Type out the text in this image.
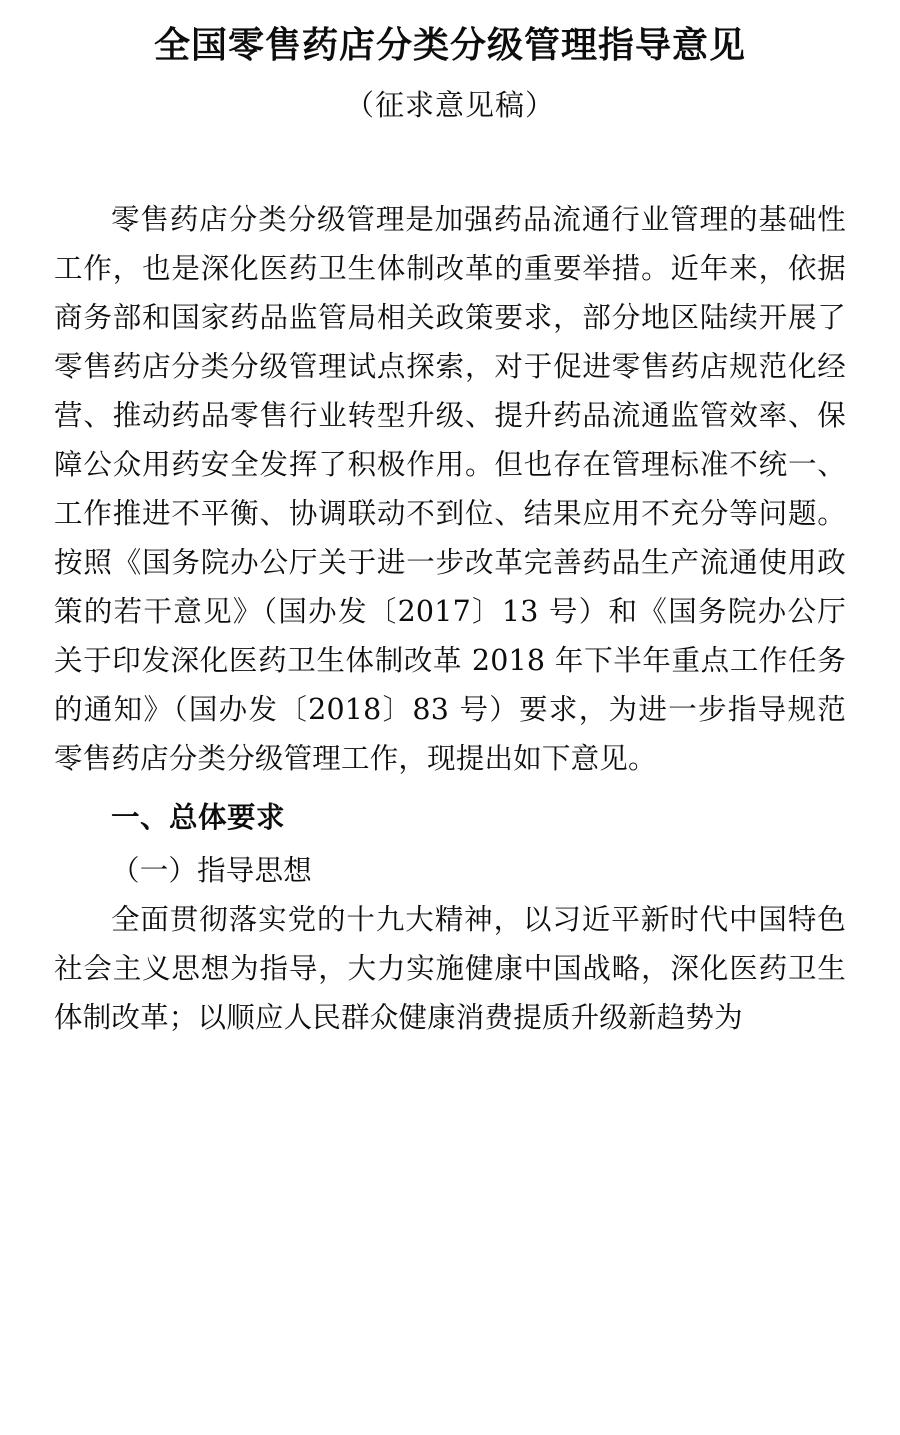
全国零售药店分类分级管理指导意见
（征求意见稿）

零售药店分类分级管理是加强药品流通行业管理的基础性工作，也是深化医药卫生体制改革的重要举措。近年来，依据商务部和国家药品监管局相关政策要求，部分地区陆续开展了零售药店分类分级管理试点探索，对于促进零售药店规范化经营、推动药品零售行业转型升级、提升药品流通监管效率、保障公众用药安全发挥了积极作用。但也存在管理标准不统一、工作推进不平衡、协调联动不到位、结果应用不充分等问题。按照《国务院办公厅关于进一步改革完善药品生产流通使用政策的若干意见》（国办发〔2017〕13 号）和《国务院办公厅关于印发深化医药卫生体制改革 2018 年下半年重点工作任务的通知》（国办发〔2018〕83 号）要求，为进一步指导规范零售药店分类分级管理工作，现提出如下意见。

一、总体要求
（一）指导思想

全面贯彻落实党的十九大精神，以习近平新时代中国特色社会主义思想为指导，大力实施健康中国战略，深化医药卫生体制改革；以顺应人民群众健康消费提质升级新趋势为
